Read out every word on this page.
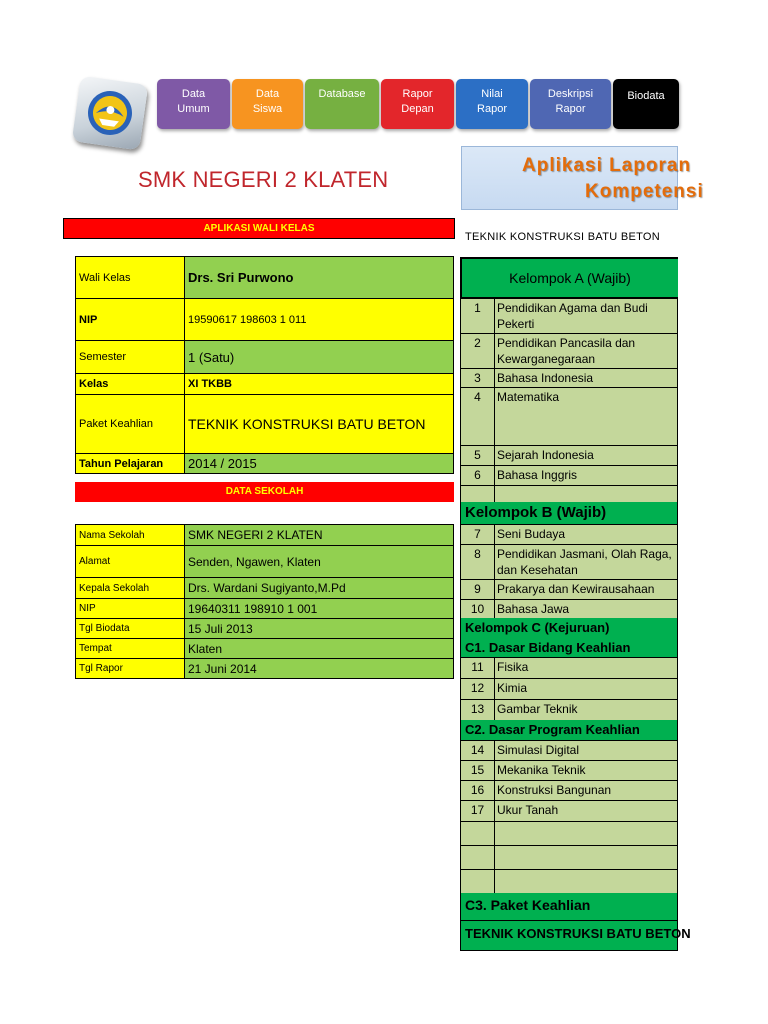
Data
Umum
Data
Siswa
Database	Rapor
Depan
Nilai
Rapor
Deskripsi
Rapor
Biodata
SMK NEGERI 2 KLATEN
Aplikasi Laporan
Kompetensi
APLIKASI WALI KELAS
TEKNIK KONSTRUKSI BATU BETON
Wali Kelas	Drs. Sri Purwono
NIP	19590617 198603 1 011
Semester	1 (Satu)
Kelas	XI TKBB
Paket Keahlian	TEKNIK KONSTRUKSI BATU BETON
Tahun Pelajaran	2014 / 2015
DATA SEKOLAH
Nama Sekolah	SMK NEGERI 2 KLATEN
Alamat	Senden, Ngawen, Klaten
Kepala Sekolah	Drs. Wardani Sugiyanto,M.Pd
NIP	19640311 198910 1 001
Tgl Biodata	15 Juli 2013
Tempat	Klaten
Tgl Rapor	21 Juni 2014
Kelompok A (Wajib)
1	Pendidikan Agama dan Budi Pekerti
2	Pendidikan Pancasila dan Kewarganegaraan
3	Bahasa Indonesia
4	Matematika
5	Sejarah Indonesia
6	Bahasa Inggris

Kelompok B (Wajib)
7	Seni Budaya
8	Pendidikan Jasmani, Olah Raga, dan Kesehatan
9	Prakarya dan Kewirausahaan
10	Bahasa Jawa
Kelompok C (Kejuruan)
C1. Dasar Bidang Keahlian
11	Fisika
12	Kimia
13	Gambar Teknik
C2. Dasar Program Keahlian
14	Simulasi Digital
15	Mekanika Teknik
16	Konstruksi Bangunan
17	Ukur Tanah

C3. Paket Keahlian
TEKNIK KONSTRUKSI BATU BETON
